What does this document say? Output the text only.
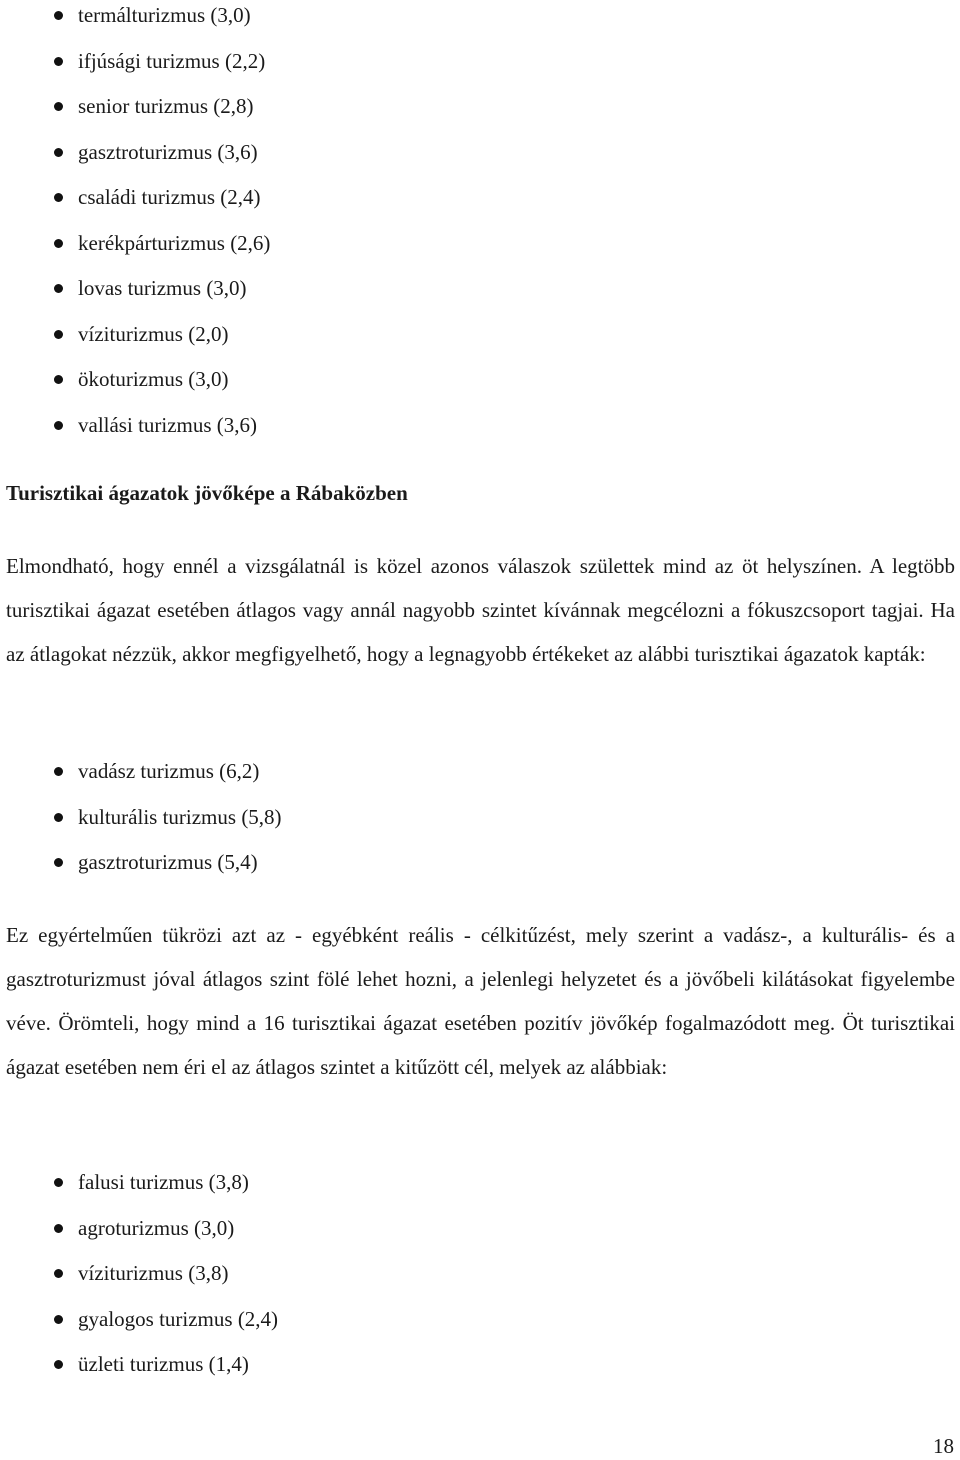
termálturizmus (3,0)
ifjúsági turizmus (2,2)
senior turizmus (2,8)
gasztroturizmus (3,6)
családi turizmus (2,4)
kerékpárturizmus (2,6)
lovas turizmus (3,0)
víziturizmus (2,0)
ökoturizmus (3,0)
vallási turizmus (3,6)
Turisztikai ágazatok jövőképe a Rábaközben

Elmondható, hogy ennél a vizsgálatnál is közel azonos válaszok születtek mind az öt helyszínen. A legtöbb turisztikai ágazat esetében átlagos vagy annál nagyobb szintet kívánnak megcélozni a fókuszcsoport tagjai. Ha az átlagokat nézzük, akkor megfigyelhető, hogy a legnagyobb értékeket az alábbi turisztikai ágazatok kapták:

vadász turizmus (6,2)
kulturális turizmus (5,8)
gasztroturizmus (5,4)

Ez egyértelműen tükrözi azt az - egyébként reális - célkitűzést, mely szerint a vadász-, a kulturális- és a gasztroturizmust jóval átlagos szint fölé lehet hozni, a jelenlegi helyzetet és a jövőbeli kilátásokat figyelembe véve. Örömteli, hogy mind a 16 turisztikai ágazat esetében pozitív jövőkép fogalmazódott meg. Öt turisztikai ágazat esetében nem éri el az átlagos szintet a kitűzött cél, melyek az alábbiak:

falusi turizmus (3,8)
agroturizmus (3,0)
víziturizmus (3,8)
gyalogos turizmus (2,4)
üzleti turizmus (1,4)
18
